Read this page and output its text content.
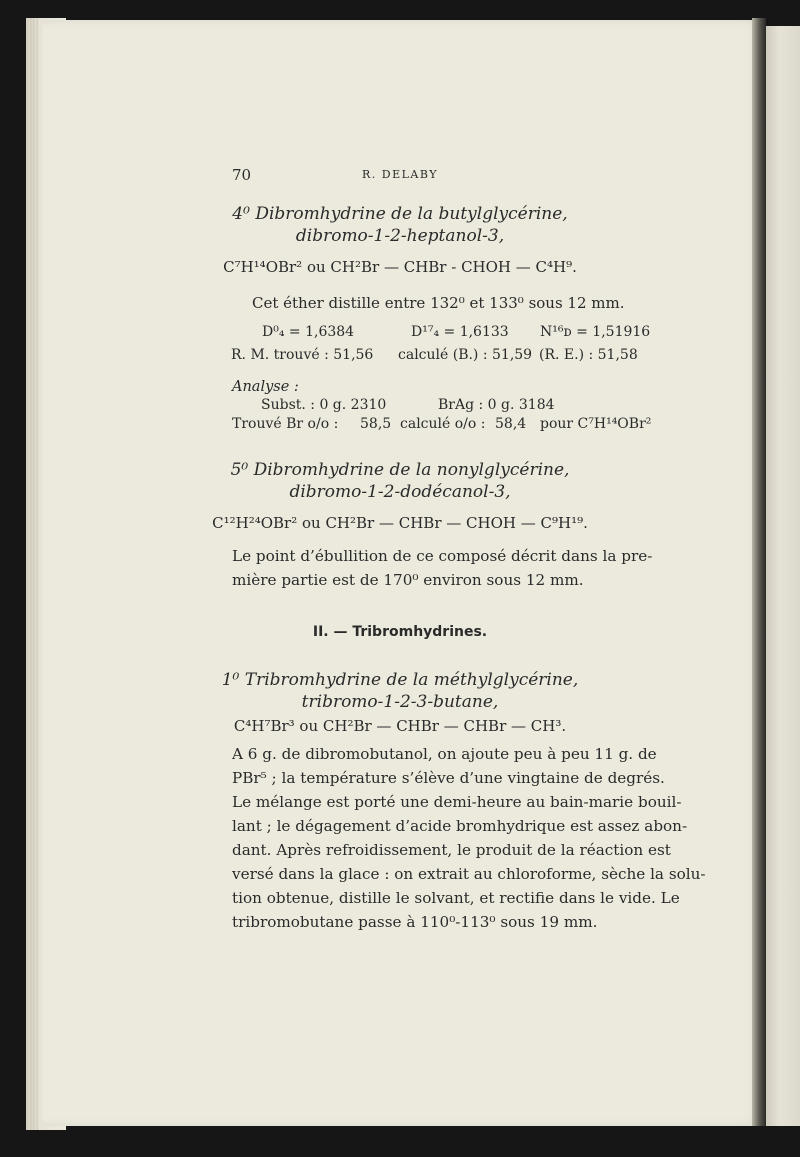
70	R. DELABY
4⁰ Dibromhydrine de la butylglycérine,
dibromo-1-2-heptanol-3,
C⁷H¹⁴OBr² ou CH²Br — CHBr - CHOH — C⁴H⁹.
Cet éther distille entre 132⁰ et 133⁰ sous 12 mm.
D⁰₄ = 1,6384	D¹⁷₄ = 1,6133 N¹⁶ᴅ = 1,51916
R. M. trouvé : 51,56 calculé (B.) : 51,59 (R. E.) : 51,58
Analyse :
Subst. : 0 g. 2310	BrAg : 0 g. 3184
Trouvé Br o/o : 58,5 calculé o/o : 58,4 pour C⁷H¹⁴OBr²
5⁰ Dibromhydrine de la nonylglycérine,
dibromo-1-2-dodécanol-3,
C¹²H²⁴OBr² ou CH²Br — CHBr — CHOH — C⁹H¹⁹.
Le point d’ébullition de ce composé décrit dans la pre-
mière partie est de 170⁰ environ sous 12 mm.
II. — Tribromhydrines.
1⁰ Tribromhydrine de la méthylglycérine,
tribromo-1-2-3-butane,
C⁴H⁷Br³ ou CH²Br — CHBr — CHBr — CH³.
A 6 g. de dibromobutanol, on ajoute peu à peu 11 g. de
PBr⁵ ; la température s’élève d’une vingtaine de degrés.
Le mélange est porté une demi-heure au bain-marie bouil-
lant ; le dégagement d’acide bromhydrique est assez abon-
dant. Après refroidissement, le produit de la réaction est
versé dans la glace : on extrait au chloroforme, sèche la solu-
tion obtenue, distille le solvant, et rectifie dans le vide. Le
tribromobutane passe à 110⁰-113⁰ sous 19 mm.
